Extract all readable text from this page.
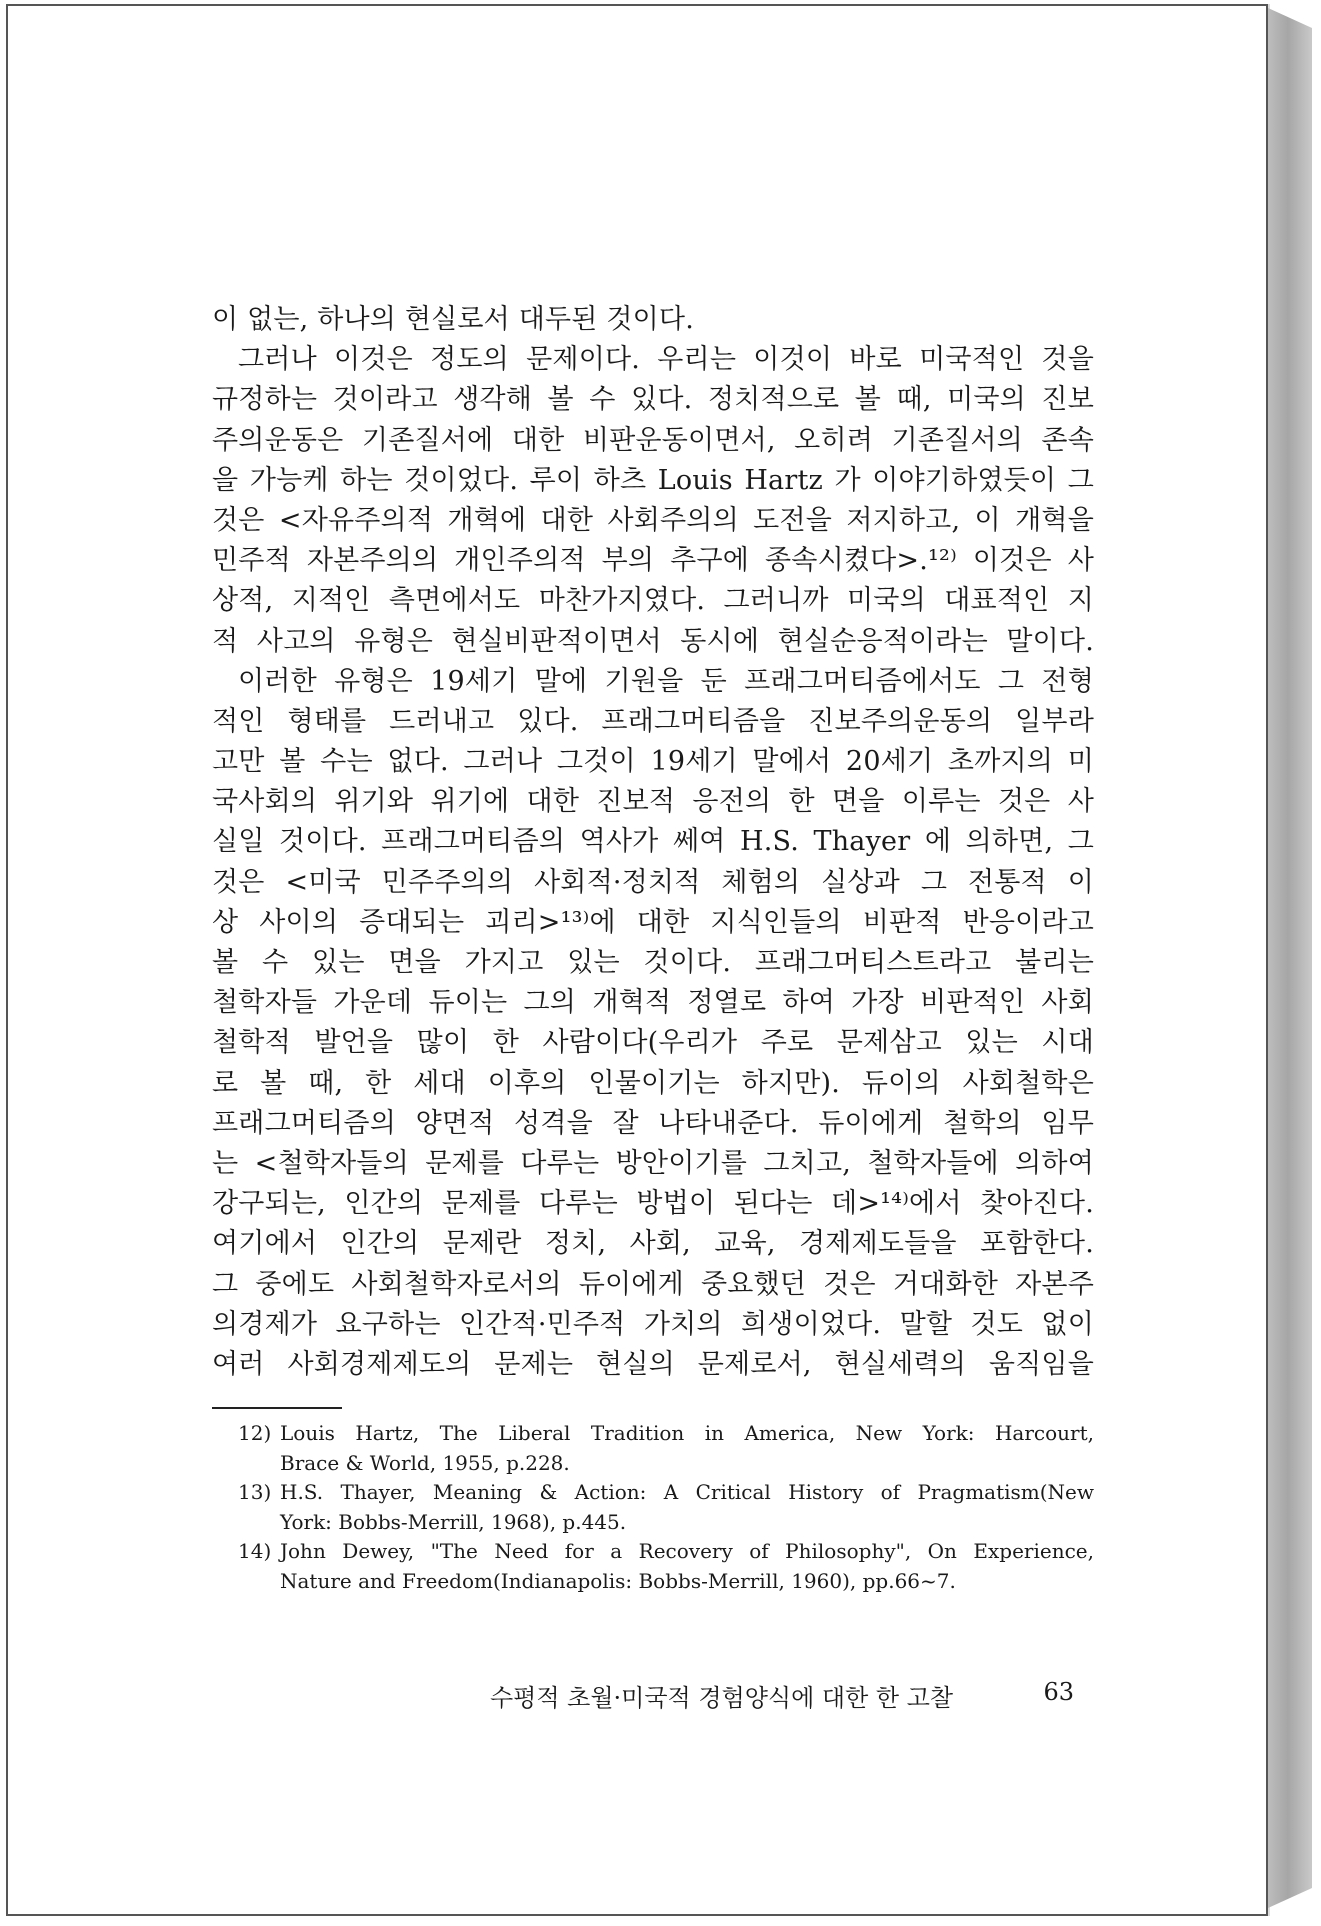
이 없는, 하나의 현실로서 대두된 것이다.
그러나 이것은 정도의 문제이다. 우리는 이것이 바로 미국적인 것을
규정하는 것이라고 생각해 볼 수 있다. 정치적으로 볼 때, 미국의 진보
주의운동은 기존질서에 대한 비판운동이면서, 오히려 기존질서의 존속
을 가능케 하는 것이었다. 루이 하츠 Louis Hartz 가 이야기하였듯이 그
것은 <자유주의적 개혁에 대한 사회주의의 도전을 저지하고, 이 개혁을
민주적 자본주의의 개인주의적 부의 추구에 종속시켰다>.¹²⁾ 이것은 사
상적, 지적인 측면에서도 마찬가지였다. 그러니까 미국의 대표적인 지
적 사고의 유형은 현실비판적이면서 동시에 현실순응적이라는 말이다.
이러한 유형은 19세기 말에 기원을 둔 프래그머티즘에서도 그 전형
적인 형태를 드러내고 있다. 프래그머티즘을 진보주의운동의 일부라
고만 볼 수는 없다. 그러나 그것이 19세기 말에서 20세기 초까지의 미
국사회의 위기와 위기에 대한 진보적 응전의 한 면을 이루는 것은 사
실일 것이다. 프래그머티즘의 역사가 쎄여 H.S. Thayer 에 의하면, 그
것은 <미국 민주주의의 사회적·정치적 체험의 실상과 그 전통적 이
상 사이의 증대되는 괴리>¹³⁾에 대한 지식인들의 비판적 반응이라고
볼 수 있는 면을 가지고 있는 것이다. 프래그머티스트라고 불리는
철학자들 가운데 듀이는 그의 개혁적 정열로 하여 가장 비판적인 사회
철학적 발언을 많이 한 사람이다(우리가 주로 문제삼고 있는 시대
로 볼 때, 한 세대 이후의 인물이기는 하지만). 듀이의 사회철학은
프래그머티즘의 양면적 성격을 잘 나타내준다. 듀이에게 철학의 임무
는 <철학자들의 문제를 다루는 방안이기를 그치고, 철학자들에 의하여
강구되는, 인간의 문제를 다루는 방법이 된다는 데>¹⁴⁾에서 찾아진다.
여기에서 인간의 문제란 정치, 사회, 교육, 경제제도들을 포함한다.
그 중에도 사회철학자로서의 듀이에게 중요했던 것은 거대화한 자본주
의경제가 요구하는 인간적·민주적 가치의 희생이었다. 말할 것도 없이
여러 사회경제제도의 문제는 현실의 문제로서, 현실세력의 움직임을
12) Louis Hartz, The Liberal Tradition in America, New York: Harcourt,
Brace & World, 1955, p.228.
13) H.S. Thayer, Meaning & Action: A Critical History of Pragmatism(New
York: Bobbs-Merrill, 1968), p.445.
14) John Dewey, "The Need for a Recovery of Philosophy", On Experience,
Nature and Freedom(Indianapolis: Bobbs-Merrill, 1960), pp.66~7.
수평적 초월·미국적 경험양식에 대한 한 고찰	63
